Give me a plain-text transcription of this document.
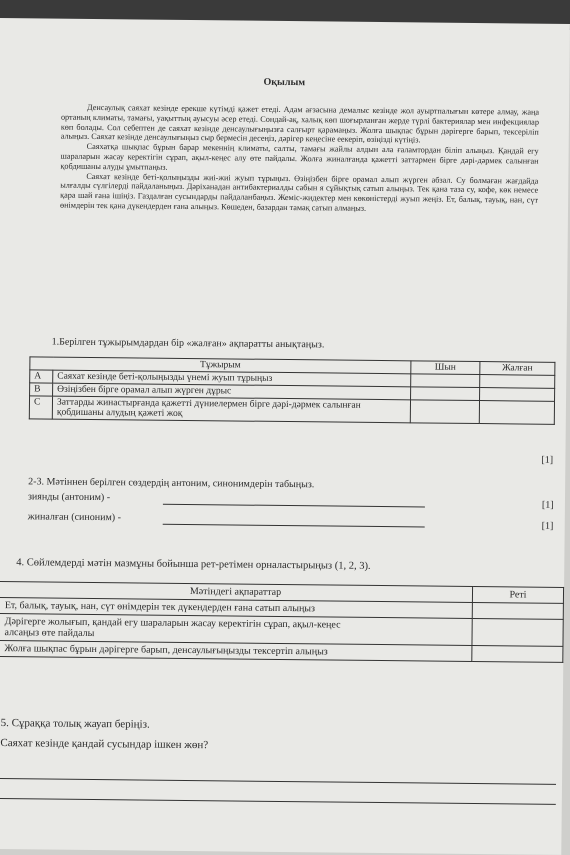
Оқылым

Денсаулық саяхат кезінде ерекше күтімді қажет етеді. Адам ағзасына демалыс кезінде жол ауыртпалығын көтере алмау, жаңа ортаның климаты, тамағы, уақыттың ауысуы әсер етеді. Сондай-ақ, халық көп шоғырланған жерде түрлі бактериялар мен инфекциялар көп болады. Сол себептен де саяхат кезінде денсаулығыңызға салғырт қарамаңыз. Жолға шықпас бұрын дәрігерге барып, тексеріліп алыңыз. Саяхат кезінде денсаулығыңыз сыр бермесін десеңіз, дәрігер кеңесіне еекеріп, өзіңізді күтіңіз.

Саяхатқа шықпас бұрын барар мекеннің климаты, салты, тамағы жайлы алдын ала ғаламтордан біліп алыңыз. Қандай егу шараларын жасау керектігін сұрап, ақыл-кеңес алу өте пайдалы. Жолға жиналғанда қажетті заттармен бірге дәрі-дәрмек салынған қобдишаны алуды ұмытпаңыз.

Саяхат кезінде беті-қолыңызды жиі-жиі жуып тұрыңыз. Өзіңізбен бірге орамал алып жүрген абзал. Су болмаған жағдайда ылғалды сүлгілерді пайдаланыңыз. Дәріханадан антибактериалды сабын я сұйықтық сатып алыңыз. Тек қана таза су, кофе, көк немесе қара шай ғана ішіңіз. Газдалған сусындарды пайдаланбаңыз. Жеміс-жидектер мен көкөністерді жуып жеңіз. Ет, балық, тауық, нан, сүт өнімдерін тек қана дүкендерден ғана алыңыз. Көшеден, базардан тамақ сатып алмаңыз.

1.Берілген тұжырымдардан бір «жалған» ақпаратты анықтаңыз.
Тұжырым		Шын	Жалған
A	Саяхат кезінде беті-қолыңызды үнемі жуып тұрыңыз		
B	Өзіңізбен бірге орамал алып жүрген дұрыс		
C	Заттарды жинастырғанда қажетті дүниелермен бірге дәрі-дәрмек салынған қобдишаны алудың қажеті жоқ		
[1]
2-3. Мәтіннен берілген сөздердің антоним, синонимдерін табыңыз.
зиянды (антоним) -
жиналған (синоним) -
[1]
[1]
4. Сөйлемдерді мәтін мазмұны бойынша рет-ретімен орналастырыңыз (1, 2, 3).
Мәтіндегі ақпараттар	Реті
Ет, балық, тауық, нан, сүт өнімдерін тек дүкендерден ғана сатып алыңыз	
Дәрігерге жолығып, қандай егу шараларын жасау керектігін сұрап, ақыл-кеңес алсаңыз өте пайдалы	
Жолға шықпас бұрын дәрігерге барып, денсаулығыңызды тексертіп алыңыз	
5. Сұраққа толық жауап беріңіз.
Саяхат кезінде қандай сусындар ішкен жөн?
